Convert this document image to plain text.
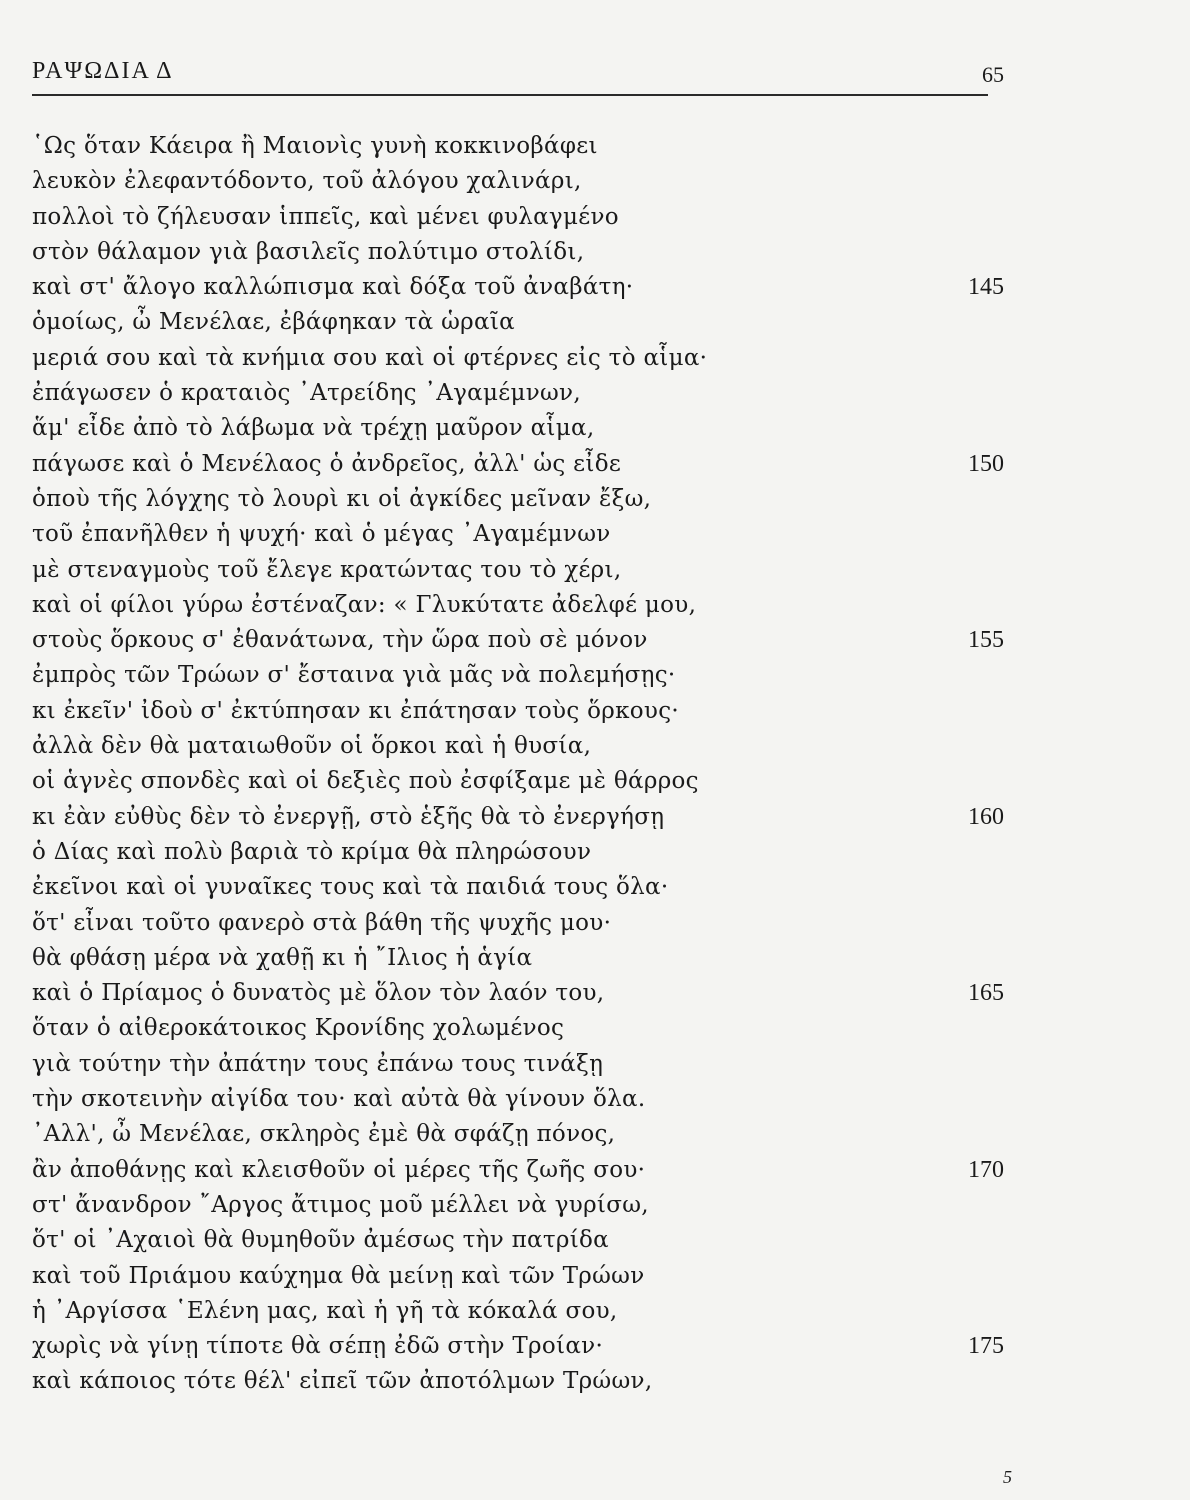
ΡΑΨΩΔΙΑ Δ	65
῾Ως ὅταν Κάειρα ἢ Μαιονὶς γυνὴ κοκκινοβάφει
λευκὸν ἐλεφαντόδοντο, τοῦ ἀλόγου χαλινάρι,
πολλοὶ τὸ ζήλευσαν ἱππεῖς, καὶ μένει φυλαγμένο
στὸν θάλαμον γιὰ βασιλεῖς πολύτιμο στολίδι,
καὶ στ' ἄλογο καλλώπισμα καὶ δόξα τοῦ ἀναβάτη·	145
ὁμοίως, ὦ Μενέλαε, ἐβάφηκαν τὰ ὡραῖα
μεριά σου καὶ τὰ κνήμια σου καὶ οἱ φτέρνες εἰς τὸ αἷμα·
ἐπάγωσεν ὁ κραταιὸς ᾿Ατρείδης ᾿Αγαμέμνων,
ἅμ' εἶδε ἀπὸ τὸ λάβωμα νὰ τρέχῃ μαῦρον αἷμα,
πάγωσε καὶ ὁ Μενέλαος ὁ ἀνδρεῖος, ἀλλ' ὡς εἶδε	150
ὁποὺ τῆς λόγχης τὸ λουρὶ κι οἱ ἀγκίδες μεῖναν ἔξω,
τοῦ ἐπανῆλθεν ἡ ψυχή· καὶ ὁ μέγας ᾿Αγαμέμνων
μὲ στεναγμοὺς τοῦ ἔλεγε κρατώντας του τὸ χέρι,
καὶ οἱ φίλοι γύρω ἐστέναζαν: « Γλυκύτατε ἀδελφέ μου,
στοὺς ὅρκους σ' ἐθανάτωνα, τὴν ὥρα ποὺ σὲ μόνον	155
ἐμπρὸς τῶν Τρώων σ' ἔσταινα γιὰ μᾶς νὰ πολεμήσῃς·
κι ἐκεῖν' ἰδοὺ σ' ἐκτύπησαν κι ἐπάτησαν τοὺς ὅρκους·
ἀλλὰ δὲν θὰ ματαιωθοῦν οἱ ὅρκοι καὶ ἡ θυσία,
οἱ ἁγνὲς σπονδὲς καὶ οἱ δεξιὲς ποὺ ἐσφίξαμε μὲ θάρρος
κι ἐὰν εὐθὺς δὲν τὸ ἐνεργῇ, στὸ ἑξῆς θὰ τὸ ἐνεργήσῃ	160
ὁ Δίας καὶ πολὺ βαριὰ τὸ κρίμα θὰ πληρώσουν
ἐκεῖνοι καὶ οἱ γυναῖκες τους καὶ τὰ παιδιά τους ὅλα·
ὅτ' εἶναι τοῦτο φανερὸ στὰ βάθη τῆς ψυχῆς μου·
θὰ φθάσῃ μέρα νὰ χαθῇ κι ἡ ῎Ιλιος ἡ ἁγία
καὶ ὁ Πρίαμος ὁ δυνατὸς μὲ ὅλον τὸν λαόν του,	165
ὅταν ὁ αἰθεροκάτοικος Κρονίδης χολωμένος
γιὰ τούτην τὴν ἀπάτην τους ἐπάνω τους τινάξῃ
τὴν σκοτεινὴν αἰγίδα του· καὶ αὐτὰ θὰ γίνουν ὅλα.
᾿Αλλ', ὦ Μενέλαε, σκληρὸς ἐμὲ θὰ σφάζῃ πόνος,
ἂν ἀποθάνῃς καὶ κλεισθοῦν οἱ μέρες τῆς ζωῆς σου·	170
στ' ἄνανδρον ῎Αργος ἄτιμος μοῦ μέλλει νὰ γυρίσω,
ὅτ' οἱ ᾿Αχαιοὶ θὰ θυμηθοῦν ἀμέσως τὴν πατρίδα
καὶ τοῦ Πριάμου καύχημα θὰ μείνῃ καὶ τῶν Τρώων
ἡ ᾿Αργίσσα ῾Ελένη μας, καὶ ἡ γῆ τὰ κόκαλά σου,
χωρὶς νὰ γίνῃ τίποτε θὰ σέπῃ ἐδῶ στὴν Τροίαν·	175
καὶ κάποιος τότε θέλ' εἰπεῖ τῶν ἀποτόλμων Τρώων,
5
